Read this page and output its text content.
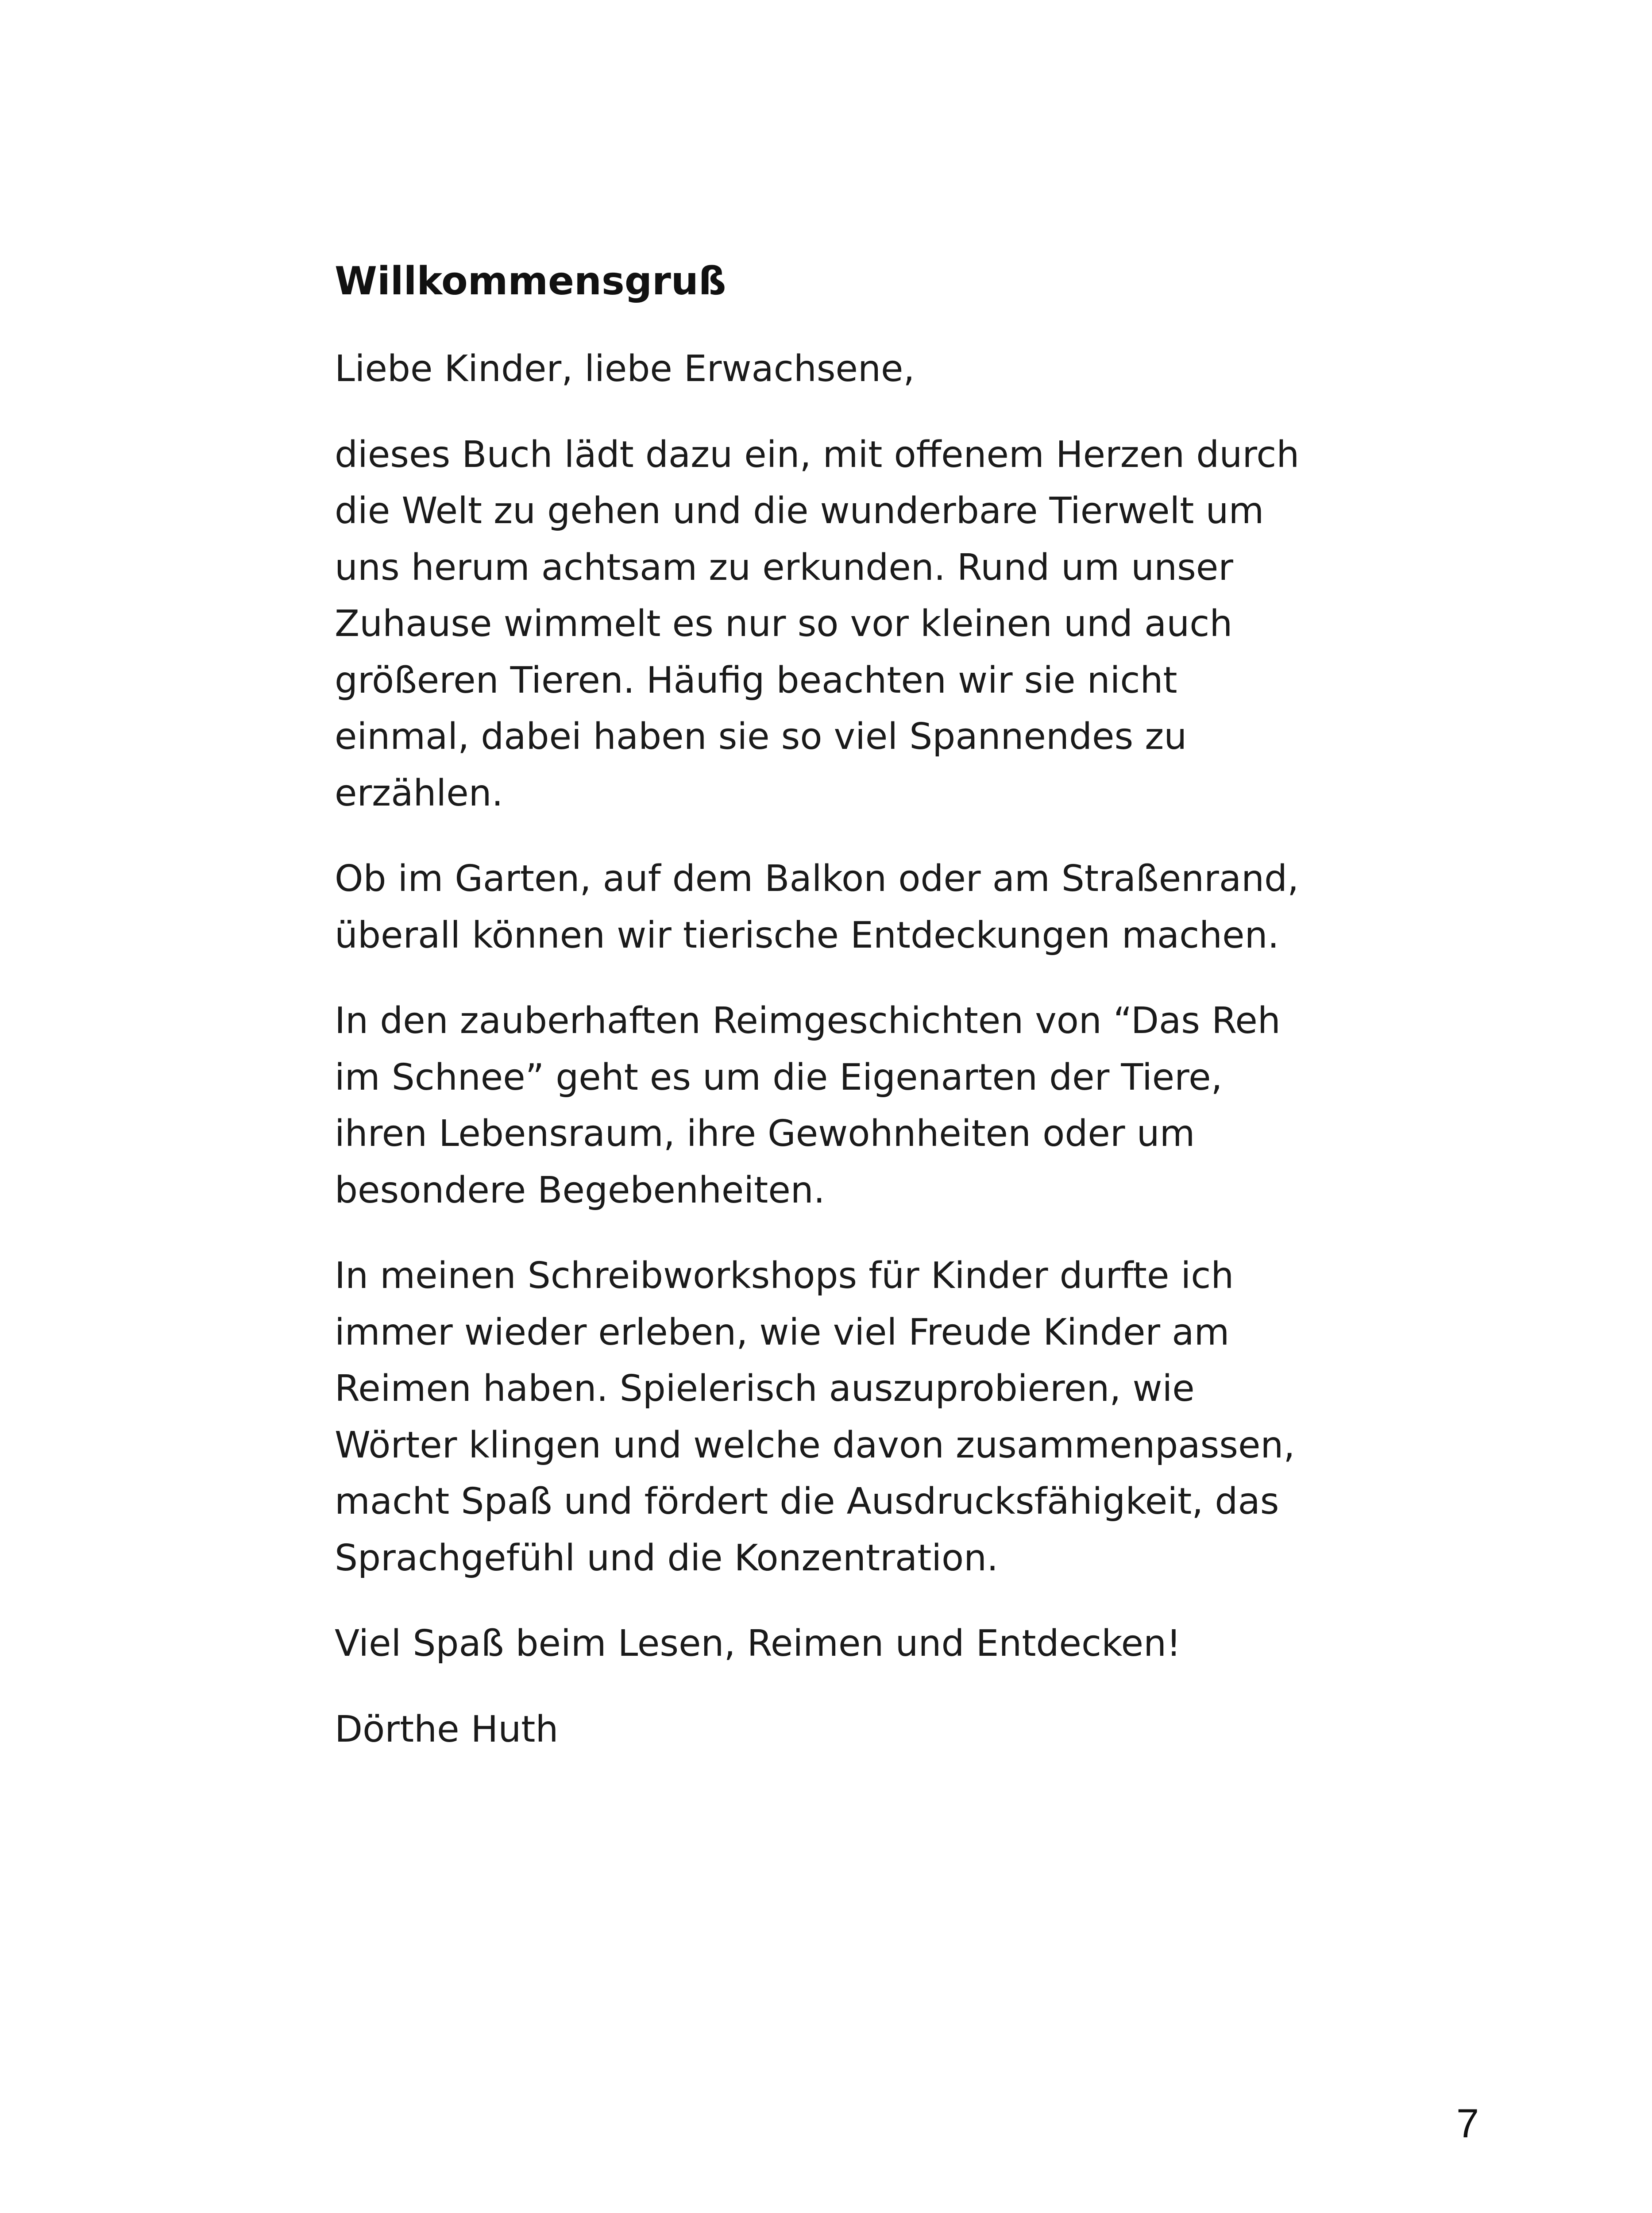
Willkommensgruß

Liebe Kinder, liebe Erwachsene,

dieses Buch lädt dazu ein, mit offenem Herzen durch
die Welt zu gehen und die wunderbare Tierwelt um
uns herum achtsam zu erkunden. Rund um unser
Zuhause wimmelt es nur so vor kleinen und auch
größeren Tieren. Häufig beachten wir sie nicht
einmal, dabei haben sie so viel Spannendes zu
erzählen.

Ob im Garten, auf dem Balkon oder am Straßenrand,
überall können wir tierische Entdeckungen machen.

In den zauberhaften Reimgeschichten von “Das Reh
im Schnee” geht es um die Eigenarten der Tiere,
ihren Lebensraum, ihre Gewohnheiten oder um
besondere Begebenheiten.

In meinen Schreibworkshops für Kinder durfte ich
immer wieder erleben, wie viel Freude Kinder am
Reimen haben. Spielerisch auszuprobieren, wie
Wörter klingen und welche davon zusammenpassen,
macht Spaß und fördert die Ausdrucksfähigkeit, das
Sprachgefühl und die Konzentration.

Viel Spaß beim Lesen, Reimen und Entdecken!

Dörthe Huth

7
